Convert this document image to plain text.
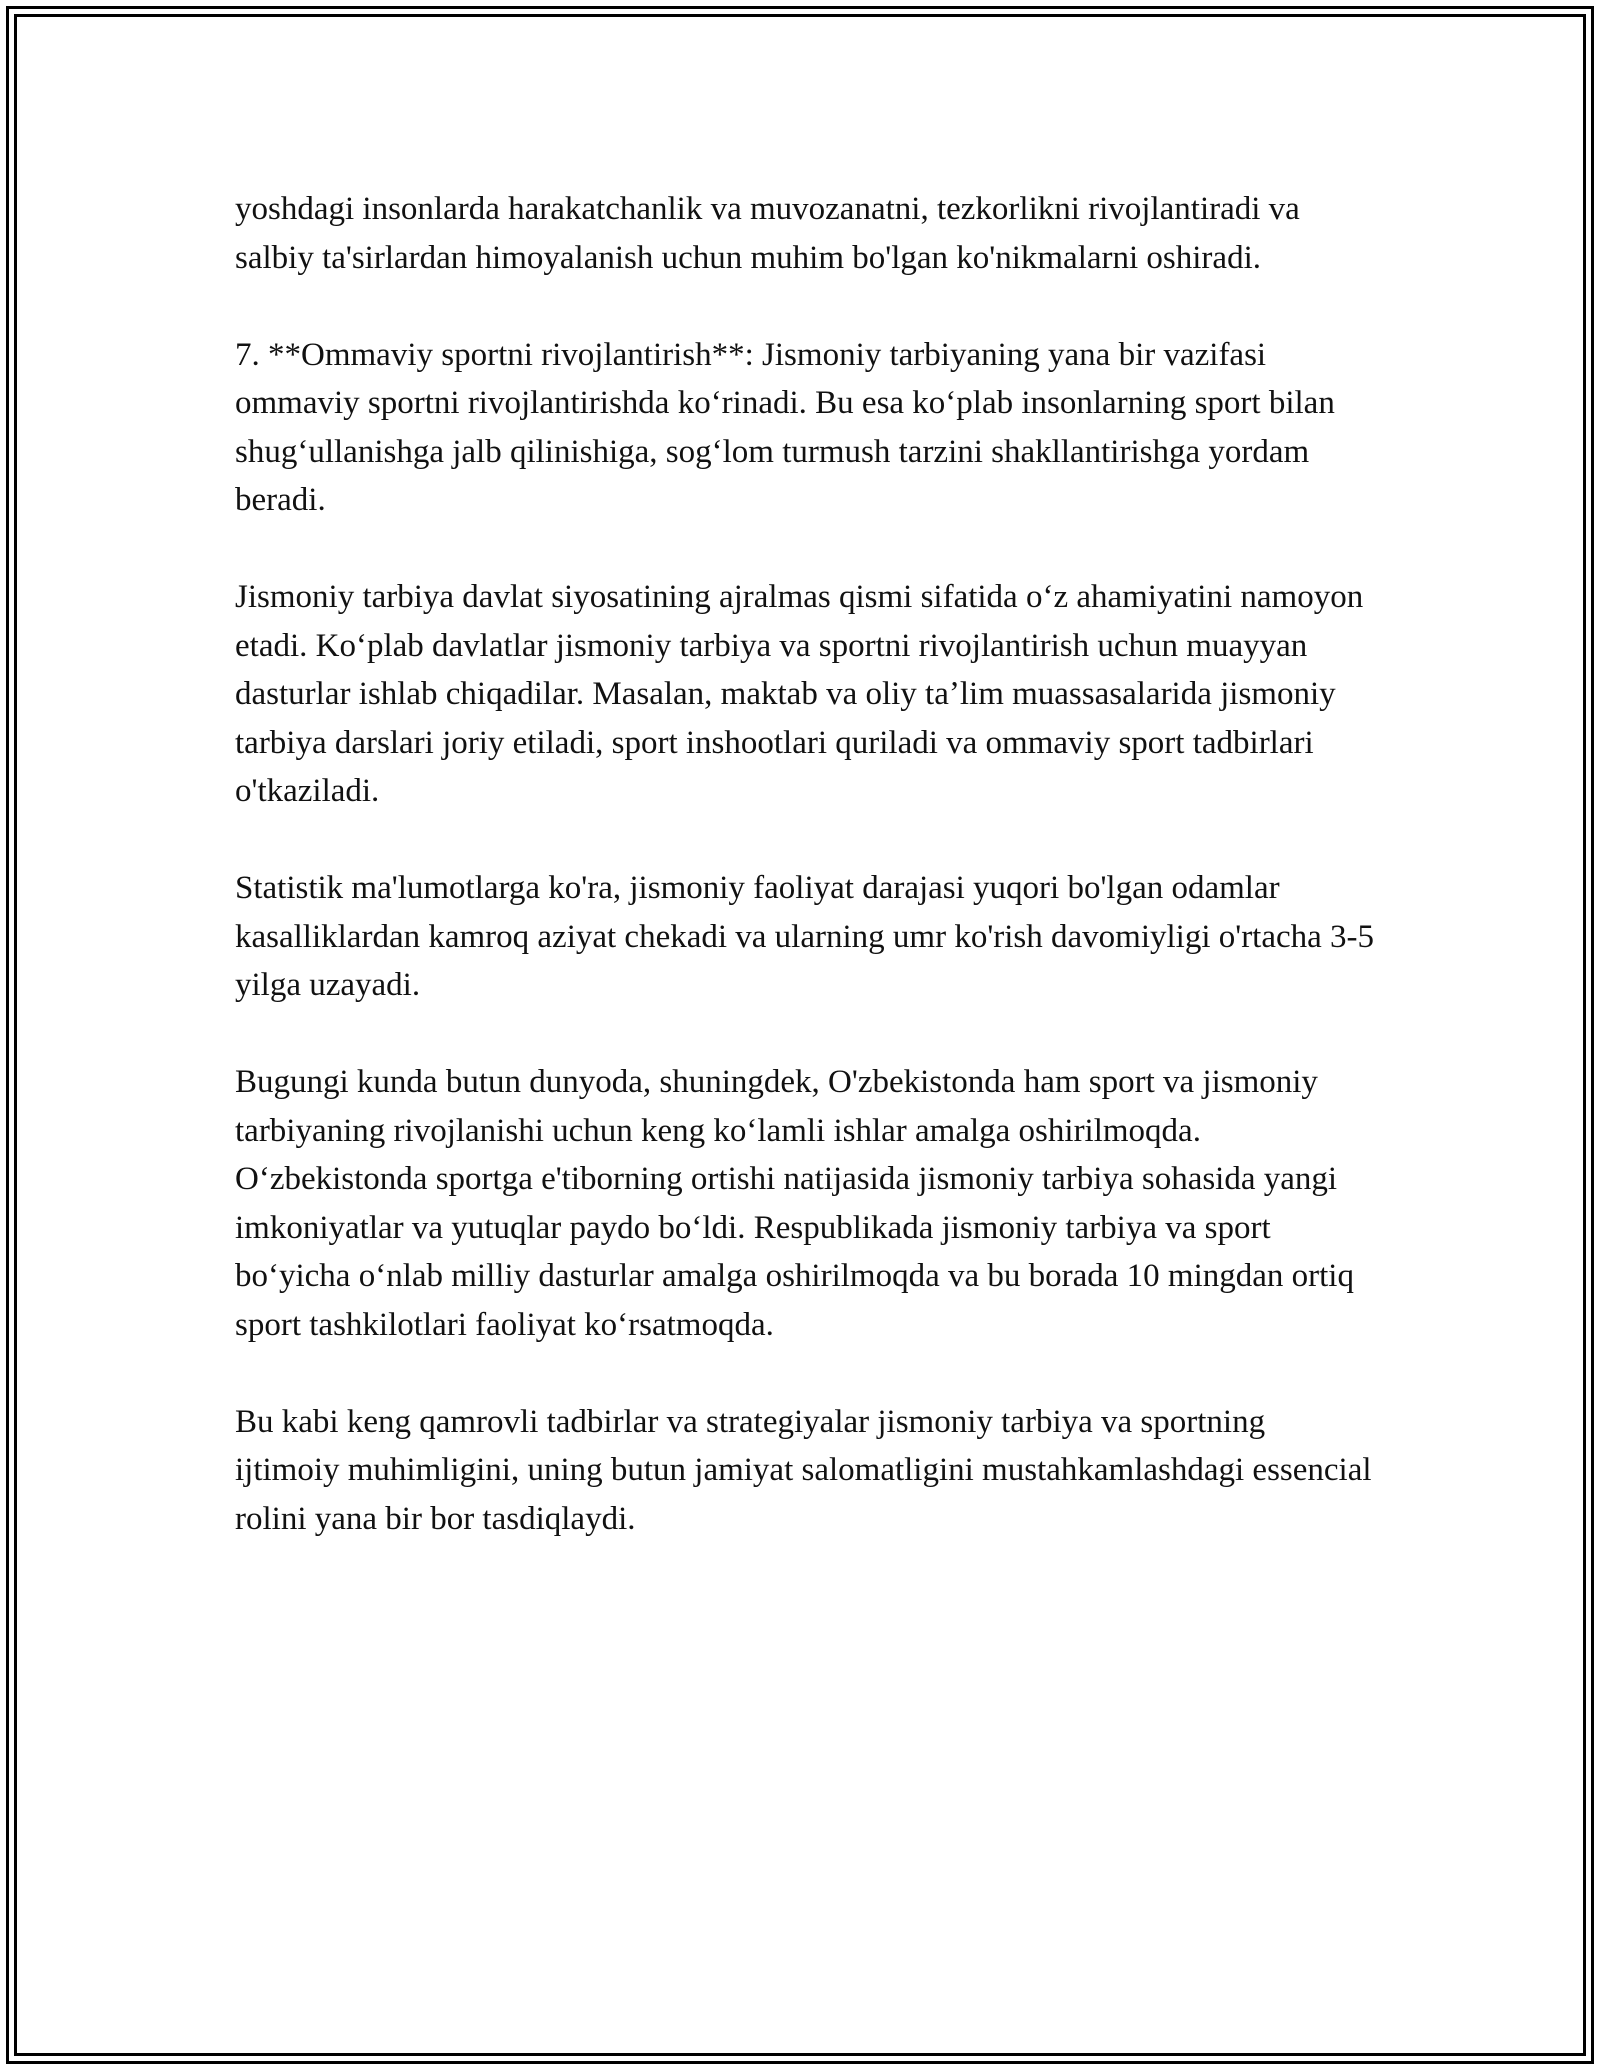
yoshdagi insonlarda harakatchanlik va muvozanatni, tezkorlikni rivojlantiradi va salbiy ta'sirlardan himoyalanish uchun muhim bo'lgan ko'nikmalarni oshiradi.

7. **Ommaviy sportni rivojlantirish**: Jismoniy tarbiyaning yana bir vazifasi ommaviy sportni rivojlantirishda koʻrinadi. Bu esa koʻplab insonlarning sport bilan shugʻullanishga jalb qilinishiga, sogʻlom turmush tarzini shakllantirishga yordam beradi.

Jismoniy tarbiya davlat siyosatining ajralmas qismi sifatida oʻz ahamiyatini namoyon etadi. Koʻplab davlatlar jismoniy tarbiya va sportni rivojlantirish uchun muayyan dasturlar ishlab chiqadilar. Masalan, maktab va oliy taʼlim muassasalarida jismoniy tarbiya darslari joriy etiladi, sport inshootlari quriladi va ommaviy sport tadbirlari o'tkaziladi.

Statistik ma'lumotlarga ko'ra, jismoniy faoliyat darajasi yuqori bo'lgan odamlar kasalliklardan kamroq aziyat chekadi va ularning umr ko'rish davomiyligi o'rtacha 3-5 yilga uzayadi.

Bugungi kunda butun dunyoda, shuningdek, O'zbekistonda ham sport va jismoniy tarbiyaning rivojlanishi uchun keng koʻlamli ishlar amalga oshirilmoqda. Oʻzbekistonda sportga e'tiborning ortishi natijasida jismoniy tarbiya sohasida yangi imkoniyatlar va yutuqlar paydo boʻldi. Respublikada jismoniy tarbiya va sport boʻyicha oʻnlab milliy dasturlar amalga oshirilmoqda va bu borada 10 mingdan ortiq sport tashkilotlari faoliyat koʻrsatmoqda.

Bu kabi keng qamrovli tadbirlar va strategiyalar jismoniy tarbiya va sportning ijtimoiy muhimligini, uning butun jamiyat salomatligini mustahkamlashdagi essencial rolini yana bir bor tasdiqlaydi.
